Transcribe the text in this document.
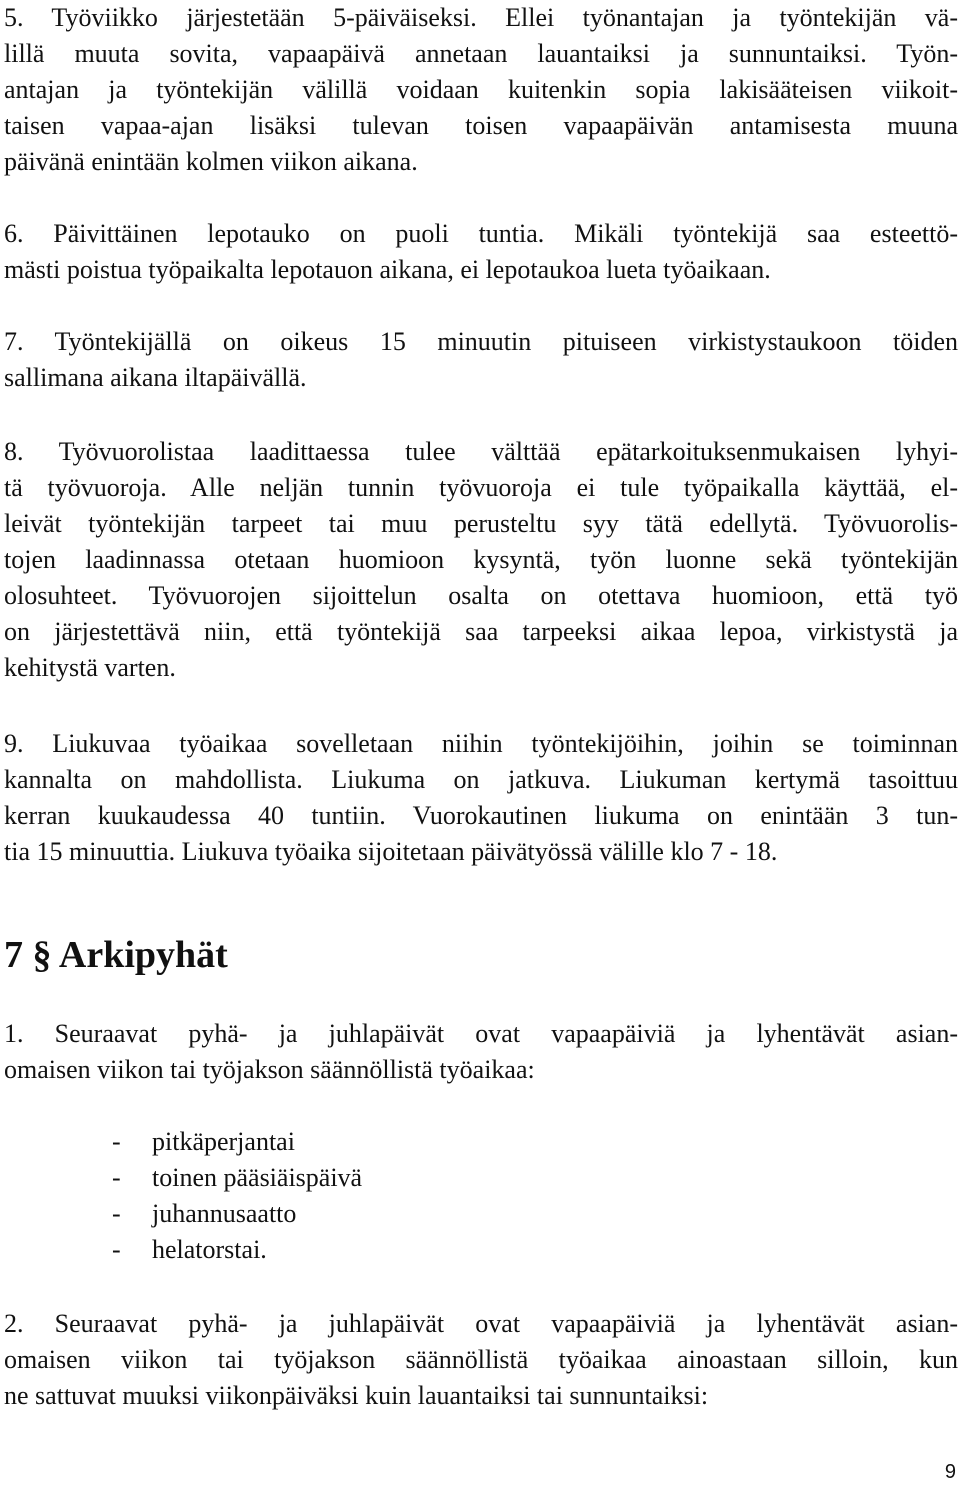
5. Työviikko järjestetään 5-päiväiseksi. Ellei työnantajan ja työntekijän vä-
lillä muuta sovita, vapaapäivä annetaan lauantaiksi ja sunnuntaiksi. Työn-
antajan ja työntekijän välillä voidaan kuitenkin sopia lakisääteisen viikoit-
taisen vapaa-ajan lisäksi tulevan toisen vapaapäivän antamisesta muuna
päivänä enintään kolmen viikon aikana.
6. Päivittäinen lepotauko on puoli tuntia. Mikäli työntekijä saa esteettö-
mästi poistua työpaikalta lepotauon aikana, ei lepotaukoa lueta työaikaan.
7. Työntekijällä on oikeus 15 minuutin pituiseen virkistystaukoon töiden
sallimana aikana iltapäivällä.
8. Työvuorolistaa laadittaessa tulee välttää epätarkoituksenmukaisen lyhyi-
tä työvuoroja. Alle neljän tunnin työvuoroja ei tule työpaikalla käyttää, el-
leivät työntekijän tarpeet tai muu perusteltu syy tätä edellytä. Työvuorolis-
tojen laadinnassa otetaan huomioon kysyntä, työn luonne sekä työntekijän
olosuhteet. Työvuorojen sijoittelun osalta on otettava huomioon, että työ
on järjestettävä niin, että työntekijä saa tarpeeksi aikaa lepoa, virkistystä ja
kehitystä varten.
9. Liukuvaa työaikaa sovelletaan niihin työntekijöihin, joihin se toiminnan
kannalta on mahdollista. Liukuma on jatkuva. Liukuman kertymä tasoittuu
kerran kuukaudessa 40 tuntiin. Vuorokautinen liukuma on enintään 3 tun-
tia 15 minuuttia. Liukuva työaika sijoitetaan päivätyössä välille klo 7 - 18.
7 § Arkipyhät
1. Seuraavat pyhä- ja juhlapäivät ovat vapaapäiviä ja lyhentävät asian-
omaisen viikon tai työjakson säännöllistä työaikaa:
- pitkäperjantai
- toinen pääsiäispäivä
- juhannusaatto
- helatorstai.
2. Seuraavat pyhä- ja juhlapäivät ovat vapaapäiviä ja lyhentävät asian-
omaisen viikon tai työjakson säännöllistä työaikaa ainoastaan silloin, kun
ne sattuvat muuksi viikonpäiväksi kuin lauantaiksi tai sunnuntaiksi:
9
